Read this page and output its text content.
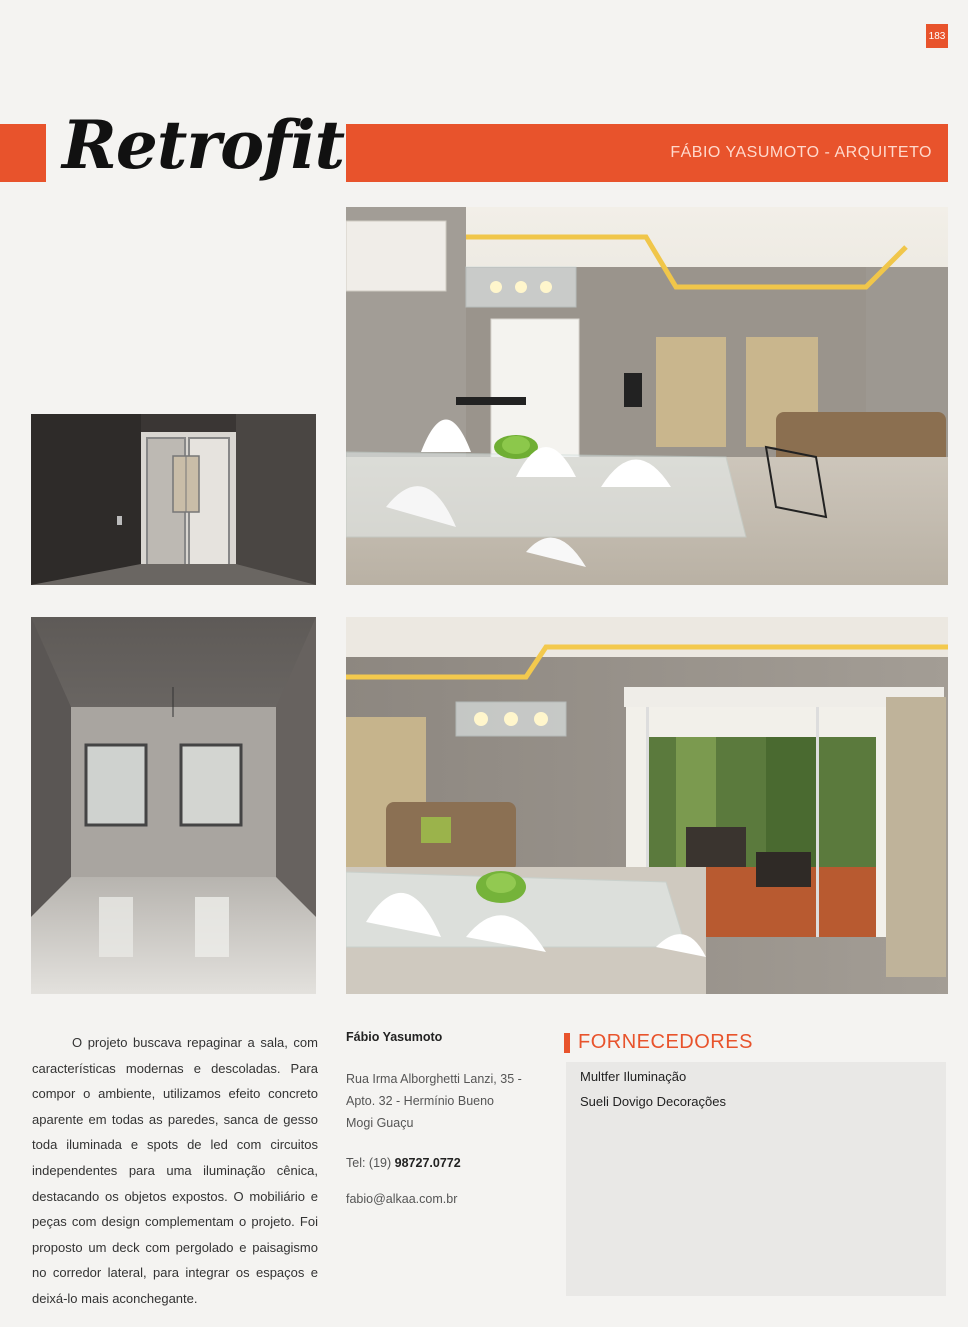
183
FÁBIO YASUMOTO - ARQUITETO
Retrofit
O projeto buscava repaginar a sala, com características modernas e descoladas. Para compor o ambiente, utilizamos efeito concreto aparente em todas as paredes, sanca de gesso toda iluminada e spots de led com circuitos independentes para uma iluminação cênica, destacando os objetos expostos. O mobiliário e peças com design complementam o projeto. Foi proposto um deck com pergolado e paisagismo no corredor lateral, para integrar os espaços e deixá-lo mais aconchegante.
Fábio Yasumoto
Rua Irma Alborghetti Lanzi, 35 -
Apto. 32 - Hermínio Bueno
Mogi Guaçu
Tel: (19) 98727.0772
fabio@alkaa.com.br
FORNECEDORES
Multfer Iluminação
Sueli Dovigo Decorações
